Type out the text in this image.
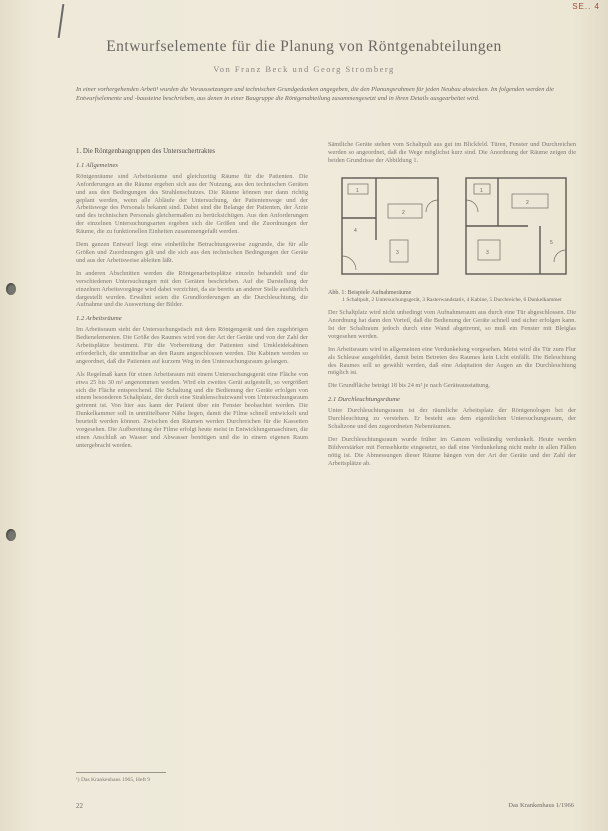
SE.. 4
Entwurfselemente für die Planung von Röntgenabteilungen
Von Franz Beck und Georg Stromberg
In einer vorhergehenden Arbeit¹ wurden die Voraussetzungen und technischen Grundgedanken angegeben, die den Planungsrahmen für jeden Neubau abstecken. Im folgenden werden die Entwurfselemente und -bausteine beschrieben, aus denen in einer Baugruppe die Röntgenabteilung zusammengesetzt und in ihren Details ausgearbeitet wird.
1. Die Röntgenbaugruppen des Untersuchertraktes
1.1 Allgemeines

Röntgenräume sind Arbeitsräume und gleichzeitig Räume für die Patienten. Die Anforderungen an die Räume ergeben sich aus der Nutzung, aus den technischen Geräten und aus den Bedingungen des Strahlenschutzes. Die Räume können nur dann richtig geplant werden, wenn alle Abläufe der Untersuchung, der Patientenwege und der Arbeitswege des Personals bekannt sind. Dabei sind die Belange der Patienten, der Ärzte und des technischen Personals gleichermaßen zu berücksichtigen. Aus den Anforderungen der einzelnen Untersuchungsarten ergeben sich die Größen und die Zuordnungen der Räume, die zu funktionellen Einheiten zusammengefaßt werden.

Dem ganzen Entwurf liegt eine einheitliche Betrachtungsweise zugrunde, die für alle Größen und Zuordnungen gilt und die sich aus den technischen Bedingungen der Geräte und aus der Arbeitsweise ableiten läßt.

In anderen Abschnitten werden die Röntgenarbeitsplätze einzeln behandelt und die verschiedenen Untersuchungen mit den Geräten beschrieben. Auf die Darstellung der einzelnen Arbeitsvorgänge wird dabei verzichtet, da sie bereits an anderer Stelle ausführlich dargestellt wurden. Erwähnt seien die Grundforderungen an die Durchleuchtung, die Aufnahme und die Auswertung der Bilder.

1.2 Arbeitsräume

Im Arbeitsraum steht der Untersuchungstisch mit dem Röntgengerät und den zugehörigen Bedienelementen. Die Größe des Raumes wird von der Art der Geräte und von der Zahl der Arbeitsplätze bestimmt. Für die Vorbereitung der Patienten sind Umkleidekabinen erforderlich, die unmittelbar an den Raum angeschlossen werden. Die Kabinen werden so angeordnet, daß die Patienten auf kurzem Weg in den Untersuchungsraum gelangen.

Als Regelmaß kann für einen Arbeitsraum mit einem Untersuchungsgerät eine Fläche von etwa 25 bis 30 m² angenommen werden. Wird ein zweites Gerät aufgestellt, so vergrößert sich die Fläche entsprechend. Die Schaltung und die Bedienung der Geräte erfolgen von einem besonderen Schaltplatz, der durch eine Strahlenschutzwand vom Untersuchungsraum getrennt ist. Von hier aus kann der Patient über ein Fenster beobachtet werden. Die Dunkelkammer soll in unmittelbarer Nähe liegen, damit die Filme schnell entwickelt und beurteilt werden können. Zwischen den Räumen werden Durchreichen für die Kassetten vorgesehen. Die Aufbereitung der Filme erfolgt heute meist in Entwicklungsmaschinen, die einen Anschluß an Wasser und Abwasser benötigen und die in einem eigenen Raum untergebracht werden.

Sämtliche Geräte stehen vom Schaltpult aus gut im Blickfeld. Türen, Fenster und Durchreichen werden so angeordnet, daß die Wege möglichst kurz sind. Die Anordnung der Räume zeigen die beiden Grundrisse der Abbildung 1.

1
2
3
4
1
2
3
5
Abb. 1: Beispiele Aufnahmeräume
1 Schaltpult, 2 Untersuchungsgerät, 3 Rasterwandstativ, 4 Kabine, 5 Durchreiche, 6 Dunkelkammer

Der Schaltplatz wird nicht unbedingt vom Aufnahmeraum aus durch eine Tür abgeschlossen. Die Anordnung hat dann den Vorteil, daß die Bedienung der Geräte schnell und sicher erfolgen kann. Ist der Schaltraum jedoch durch eine Wand abgetrennt, so muß ein Fenster mit Bleiglas vorgesehen werden.

Im Arbeitsraum wird in allgemeinen eine Verdunkelung vorgesehen. Meist wird die Tür zum Flur als Schleuse ausgebildet, damit beim Betreten des Raumes kein Licht einfällt. Die Beleuchtung des Raumes soll so gewählt werden, daß eine Adaptation der Augen an die Durchleuchtung möglich ist.

Die Grundfläche beträgt 18 bis 24 m² je nach Geräteausstattung.

2.1 Durchleuchtungsräume

Unter Durchleuchtungsraum ist der räumliche Arbeitsplatz der Röntgenologen bei der Durchleuchtung zu verstehen. Er besteht aus dem eigentlichen Untersuchungsraum, der Schaltzone und den zugeordneten Nebenräumen.

Der Durchleuchtungsraum wurde früher im Ganzen vollständig verdunkelt. Heute werden Bildverstärker mit Fernsehkette eingesetzt, so daß eine Verdunkelung nicht mehr in allen Fällen nötig ist. Die Abmessungen dieser Räume hängen von der Art der Geräte und der Zahl der Arbeitsplätze ab.

¹) Das Krankenhaus 1965, Heft 9
22	Das Krankenhaus 1/1966
